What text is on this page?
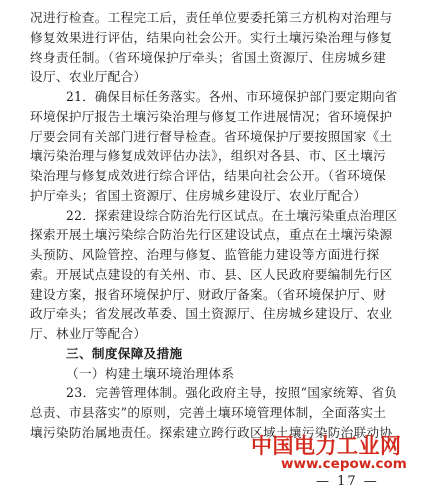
况进行检查。工程完工后，责任单位要委托第三方机构对治理与
修复效果进行评估，结果向社会公开。实行土壤污染治理与修复
终身责任制。（省环境保护厅牵头；省国土资源厅、住房城乡建
设厅、农业厅配合）
21．确保目标任务落实。各州、市环境保护部门要定期向省
环境保护厅报告土壤污染治理与修复工作进展情况；省环境保护
厅要会同有关部门进行督导检查。省环境保护厅要按照国家《土
壤污染治理与修复成效评估办法》，组织对各县、市、区土壤污
染治理与修复成效进行综合评估，结果向社会公开。（省环境保
护厅牵头；省国土资源厅、住房城乡建设厅、农业厅配合）
22．探索建设综合防治先行区试点。在土壤污染重点治理区
探索开展土壤污染综合防治先行区建设试点，重点在土壤污染源
头预防、风险管控、治理与修复、监管能力建设等方面进行探
索。开展试点建设的有关州、市、县、区人民政府要编制先行区
建设方案，报省环境保护厅、财政厅备案。（省环境保护厅、财
政厅牵头；省发展改革委、国土资源厅、住房城乡建设厅、农业
厅、林业厅等配合）
三、制度保障及措施
（一）构建土壤环境治理体系
23．完善管理体制。强化政府主导，按照“国家统筹、省负
总责、市县落实”的原则，完善土壤环境管理体制，全面落实土
壤污染防治属地责任。探索建立跨行政区域土壤污染防治联动协
中国电力工业网
www.cepow.com
— 17 —
